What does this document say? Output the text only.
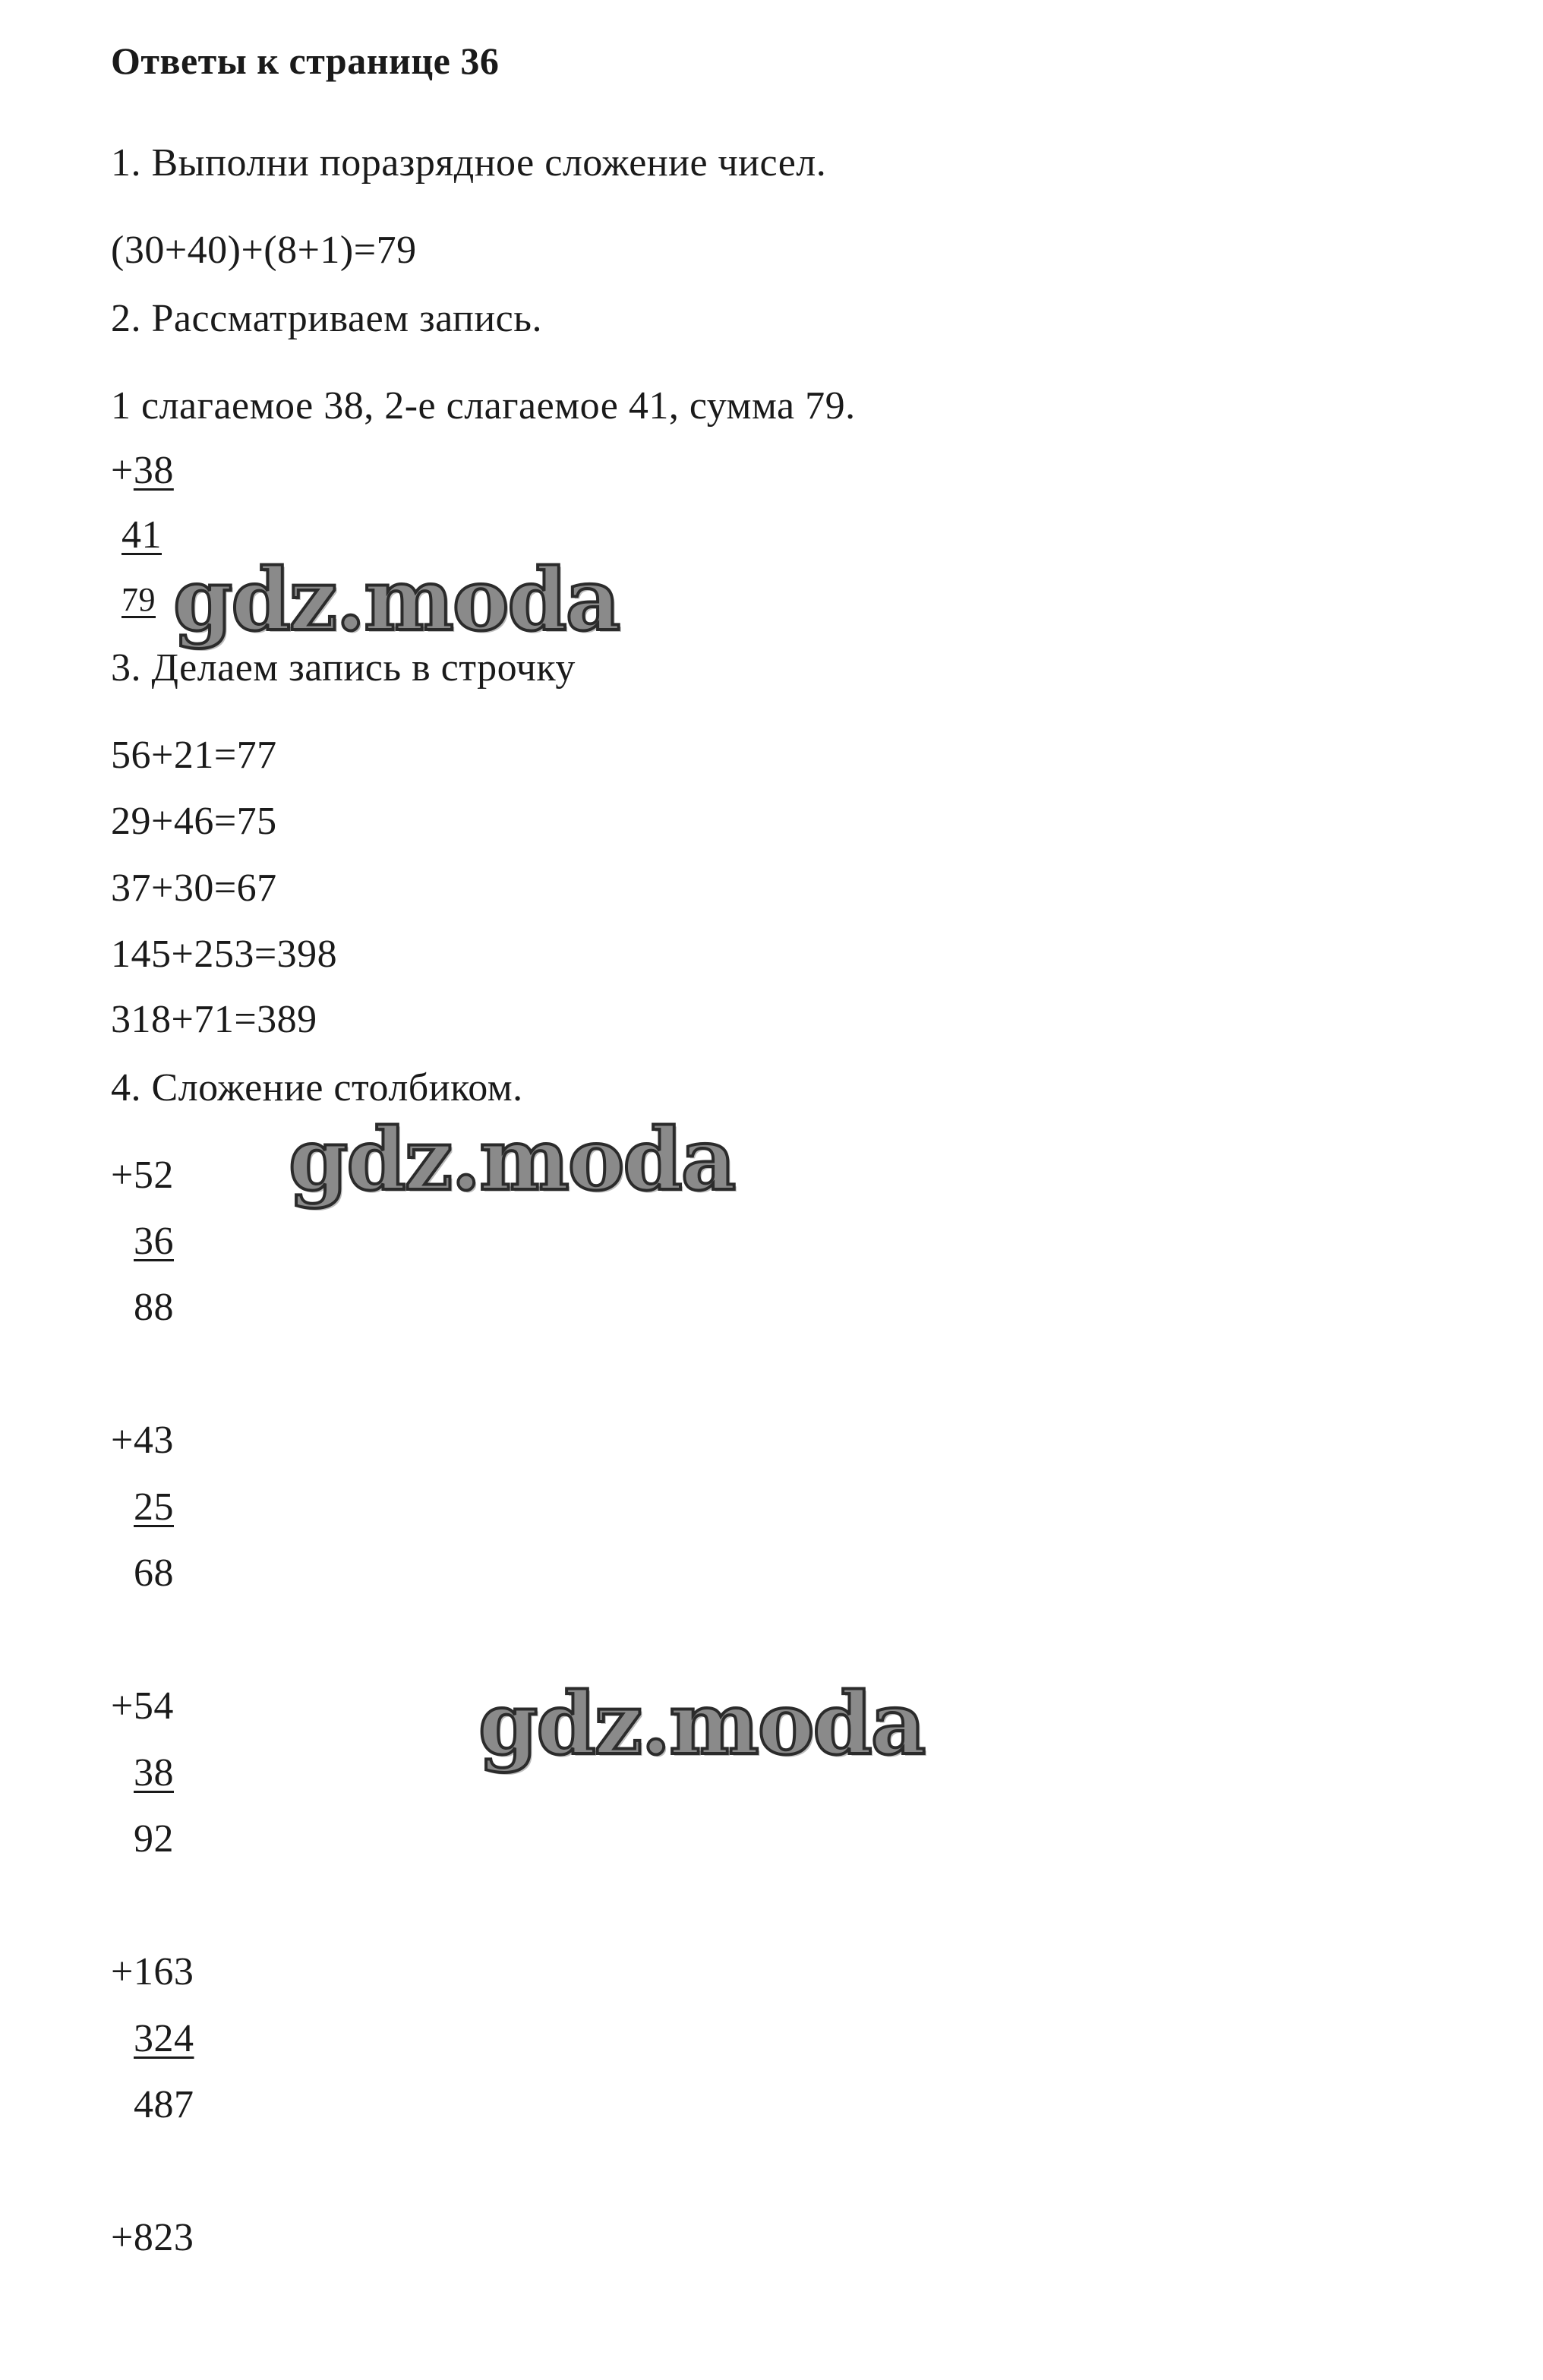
Ответы к странице 36
1. Выполни поразрядное сложение чисел.
(30+40)+(8+1)=79
2. Рассматриваем запись.
1 слагаемое 38, 2-е слагаемое 41, сумма 79.
+38
41
79 gdz.moda
3. Делаем запись в строчку
56+21=77
29+46=75
37+30=67
145+253=398
318+71=389
4. Сложение столбиком.
gdz.moda
+52
36
88
+43
25
68
+54
38
92
gdz.moda
+163
324
487
+823
